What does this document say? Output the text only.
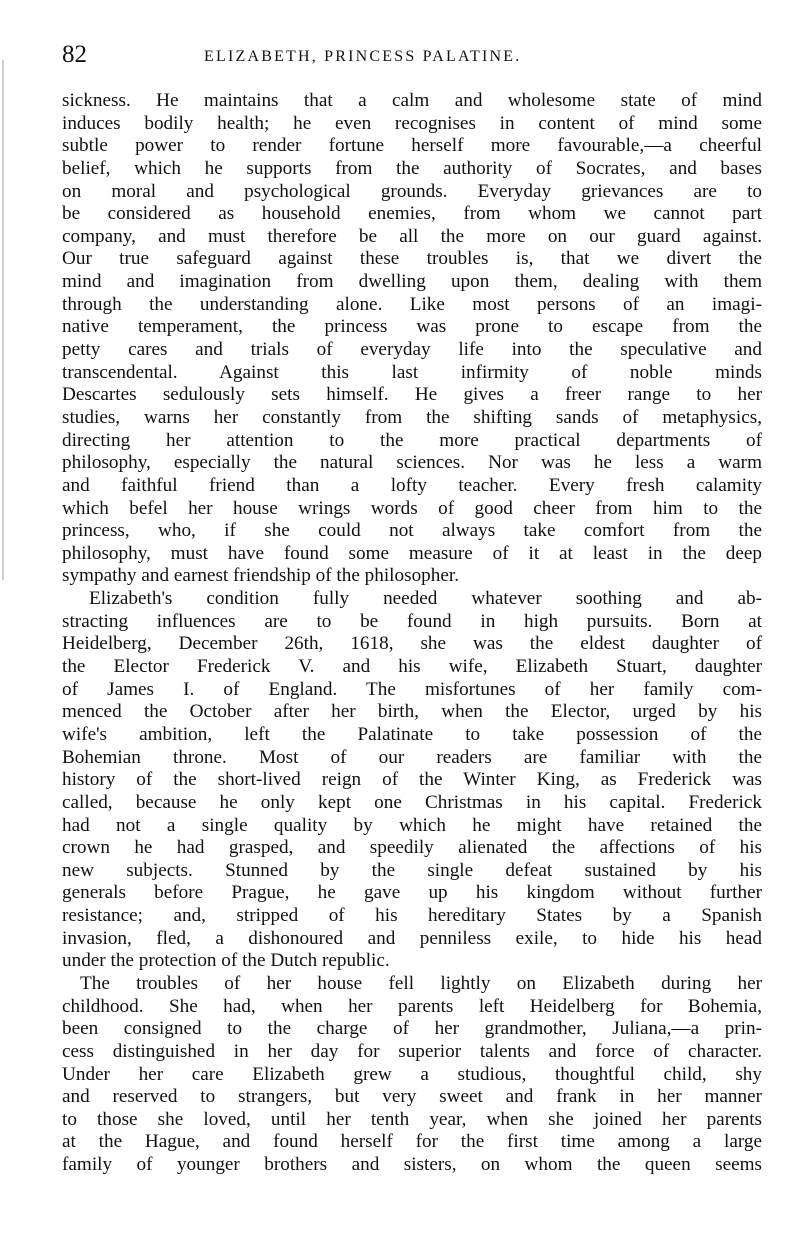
82	ELIZABETH, PRINCESS PALATINE.
sickness. He maintains that a calm and wholesome state of mind
induces bodily health; he even recognises in content of mind some
subtle power to render fortune herself more favourable,—a cheerful
belief, which he supports from the authority of Socrates, and bases
on moral and psychological grounds. Everyday grievances are to
be considered as household enemies, from whom we cannot part
company, and must therefore be all the more on our guard against.
Our true safeguard against these troubles is, that we divert the
mind and imagination from dwelling upon them, dealing with them
through the understanding alone. Like most persons of an imagi-
native temperament, the princess was prone to escape from the
petty cares and trials of everyday life into the speculative and
transcendental. Against this last infirmity of noble minds
Descartes sedulously sets himself. He gives a freer range to her
studies, warns her constantly from the shifting sands of metaphysics,
directing her attention to the more practical departments of
philosophy, especially the natural sciences. Nor was he less a warm
and faithful friend than a lofty teacher. Every fresh calamity
which befel her house wrings words of good cheer from him to the
princess, who, if she could not always take comfort from the
philosophy, must have found some measure of it at least in the deep
sympathy and earnest friendship of the philosopher.
Elizabeth's condition fully needed whatever soothing and ab-
stracting influences are to be found in high pursuits. Born at
Heidelberg, December 26th, 1618, she was the eldest daughter of
the Elector Frederick V. and his wife, Elizabeth Stuart, daughter
of James I. of England. The misfortunes of her family com-
menced the October after her birth, when the Elector, urged by his
wife's ambition, left the Palatinate to take possession of the
Bohemian throne. Most of our readers are familiar with the
history of the short-lived reign of the Winter King, as Frederick was
called, because he only kept one Christmas in his capital. Frederick
had not a single quality by which he might have retained the
crown he had grasped, and speedily alienated the affections of his
new subjects. Stunned by the single defeat sustained by his
generals before Prague, he gave up his kingdom without further
resistance; and, stripped of his hereditary States by a Spanish
invasion, fled, a dishonoured and penniless exile, to hide his head
under the protection of the Dutch republic.
The troubles of her house fell lightly on Elizabeth during her
childhood. She had, when her parents left Heidelberg for Bohemia,
been consigned to the charge of her grandmother, Juliana,—a prin-
cess distinguished in her day for superior talents and force of character.
Under her care Elizabeth grew a studious, thoughtful child, shy
and reserved to strangers, but very sweet and frank in her manner
to those she loved, until her tenth year, when she joined her parents
at the Hague, and found herself for the first time among a large
family of younger brothers and sisters, on whom the queen seems
